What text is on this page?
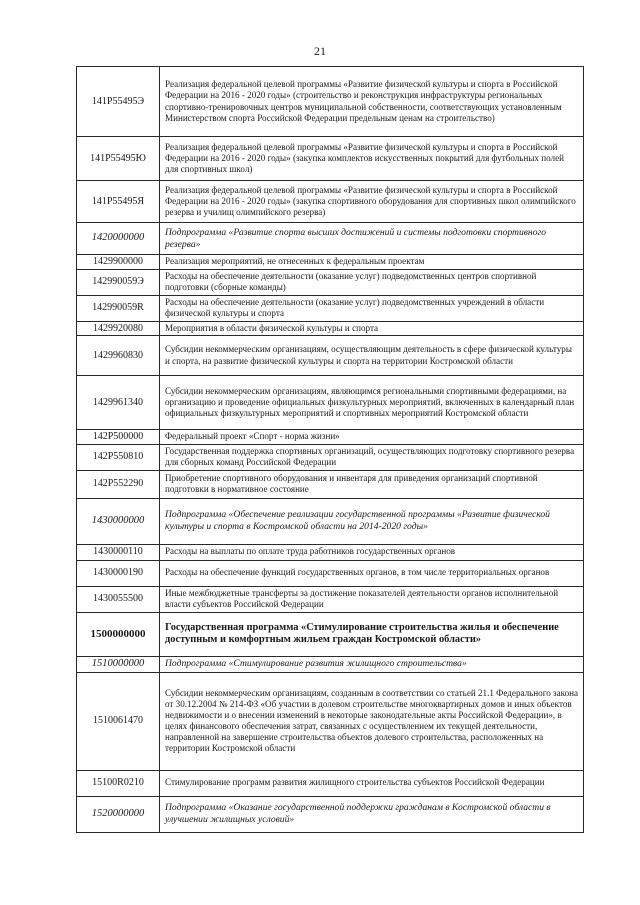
21
141P55495Э	Реализация федеральной целевой программы «Развитие физической культуры и спорта в Российской Федерации на 2016 - 2020 годы» (строительство и реконструкция инфраструктуры региональных спортивно-тренировочных центров муниципальной собственности, соответствующих установленным Министерством спорта Российской Федерации предельным ценам на строительство)
141P55495Ю	Реализация федеральной целевой программы «Развитие физической культуры и спорта в Российской Федерации на 2016 - 2020 годы» (закупка комплектов искусственных покрытий для футбольных полей для спортивных школ)
141P55495Я	Реализация федеральной целевой программы «Развитие физической культуры и спорта в Российской Федерации на 2016 - 2020 годы» (закупка спортивного оборудования для спортивных школ олимпийского резерва и училищ олимпийского резерва)
1420000000	Подпрограмма «Развитие спорта высших достижений и системы подготовки спортивного резерва»
1429900000	Реализация мероприятий, не отнесенных к федеральным проектам
142990059Э	Расходы на обеспечение деятельности (оказание услуг) подведомственных центров спортивной подготовки (сборные команды)
142990059R	Расходы на обеспечение деятельности (оказание услуг) подведомственных учреждений в области физической культуры и спорта
1429920080	Мероприятия в области физической культуры и спорта
1429960830	Субсидии некоммерческим организациям, осуществляющим деятельность в сфере физической культуры и спорта, на развитие физической культуры и спорта на территории Костромской области
1429961340	Субсидии некоммерческим организациям, являющимся региональными спортивными федерациями, на организацию и проведение официальных физкультурных мероприятий, включенных в календарный план официальных физкультурных мероприятий и спортивных мероприятий Костромской области
142P500000	Федеральный проект «Спорт - норма жизни»
142P550810	Государственная поддержка спортивных организаций, осуществляющих подготовку спортивного резерва для сборных команд Российской Федерации
142P552290	Приобретение спортивного оборудования и инвентаря для приведения организаций спортивной подготовки в нормативное состояние
1430000000	Подпрограмма «Обеспечение реализации государственной программы «Развитие физической культуры и спорта в Костромской области на 2014-2020 годы»
1430000110	Расходы на выплаты по оплате труда работников государственных органов
1430000190	Расходы на обеспечение функций государственных органов, в том числе территориальных органов
1430055500	Иные межбюджетные трансферты за достижение показателей деятельности органов исполнительной власти субъектов Российской Федерации
1500000000	Государственная программа «Стимулирование строительства жилья и обеспечение доступным и комфортным жильем граждан Костромской области»
1510000000	Подпрограмма «Стимулирование развития жилищного строительства»
1510061470	Субсидии некоммерческим организациям, созданным в соответствии со статьей 21.1 Федерального закона от 30.12.2004 № 214-ФЗ «Об участии в долевом строительстве многоквартирных домов и иных объектов недвижимости и о внесении изменений в некоторые законодательные акты Российской Федерации», в целях финансового обеспечения затрат, связанных с осуществлением их текущей деятельности, направленной на завершение строительства объектов долевого строительства, расположенных на территории Костромской области
15100R0210	Стимулирование программ развития жилищного строительства субъектов Российской Федерации
1520000000	Подпрограмма «Оказание государственной поддержки гражданам в Костромской области в улучшении жилищных условий»
